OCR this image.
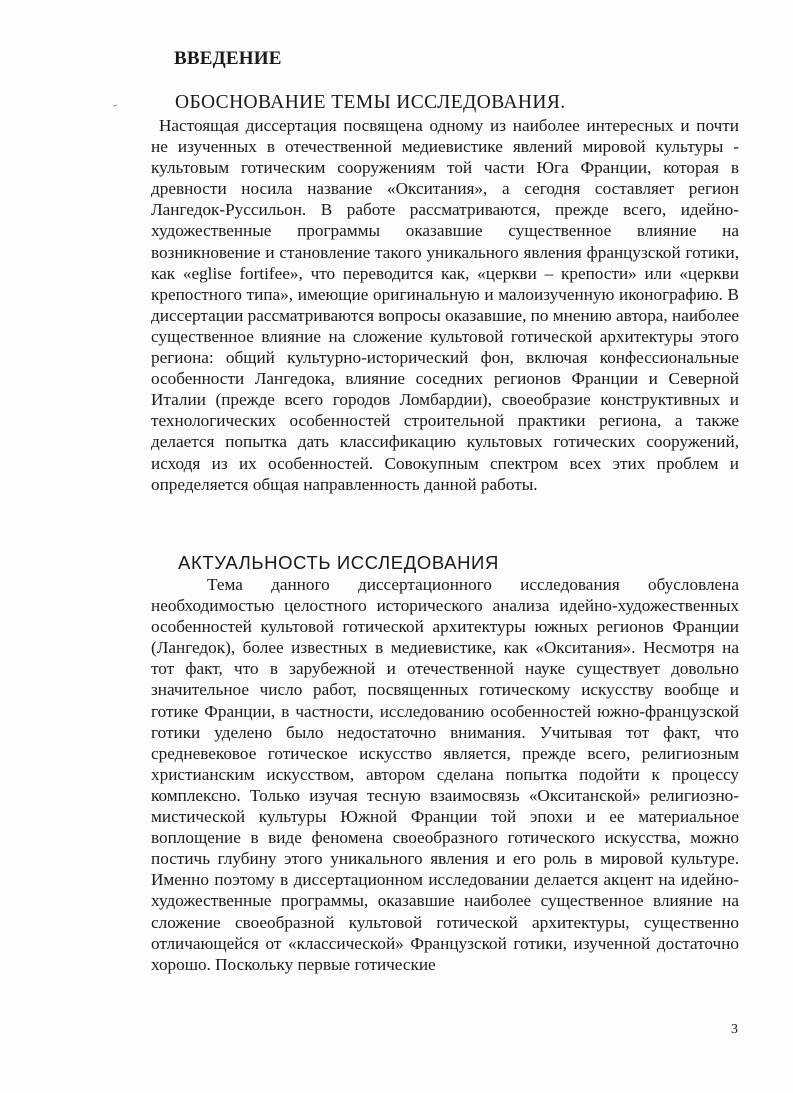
ВВЕДЕНИЕ
ОБОСНОВАНИЕ ТЕМЫ ИССЛЕДОВАНИЯ.
Настоящая диссертация посвящена одному из наиболее интересных и почти не изученных в отечественной медиевистике явлений мировой культуры - культовым готическим сооружениям той части Юга Франции, которая в древности носила название «Окситания», а сегодня составляет регион Лангедок-Руссильон. В работе рассматриваются, прежде всего, идейно-художественные программы оказавшие существенное влияние на возникновение и становление такого уникального явления французской готики, как «eglise fortifee», что переводится как, «церкви – крепости» или «церкви крепостного типа», имеющие оригинальную и малоизученную иконографию. В диссертации рассматриваются вопросы оказавшие, по мнению автора, наиболее существенное влияние на сложение культовой готической архитектуры этого региона: общий культурно-исторический фон, включая конфессиональные особенности Лангедока, влияние соседних регионов Франции и Северной Италии (прежде всего городов Ломбардии), своеобразие конструктивных и технологических особенностей строительной практики региона, а также делается попытка дать классификацию культовых готических сооружений, исходя из их особенностей. Совокупным спектром всех этих проблем и определяется общая направленность данной работы.
АКТУАЛЬНОСТЬ ИССЛЕДОВАНИЯ
Тема данного диссертационного исследования обусловлена необходимостью целостного исторического анализа идейно-художественных особенностей культовой готической архитектуры южных регионов Франции (Лангедок), более известных в медиевистике, как «Окситания». Несмотря на тот факт, что в зарубежной и отечественной науке существует довольно значительное число работ, посвященных готическому искусству вообще и готике Франции, в частности, исследованию особенностей южно-французской готики уделено было недостаточно внимания. Учитывая тот факт, что средневековое готическое искусство является, прежде всего, религиозным христианским искусством, автором сделана попытка подойти к процессу комплексно. Только изучая тесную взаимосвязь «Окситанской» религиозно-мистической культуры Южной Франции той эпохи и ее материальное воплощение в виде феномена своеобразного готического искусства, можно постичь глубину этого уникального явления и его роль в мировой культуре. Именно поэтому в диссертационном исследовании делается акцент на идейно-художественные программы, оказавшие наиболее существенное влияние на сложение своеобразной культовой готической архитектуры, существенно отличающейся от «классической» Французской готики, изученной достаточно хорошо. Поскольку первые готические
3
